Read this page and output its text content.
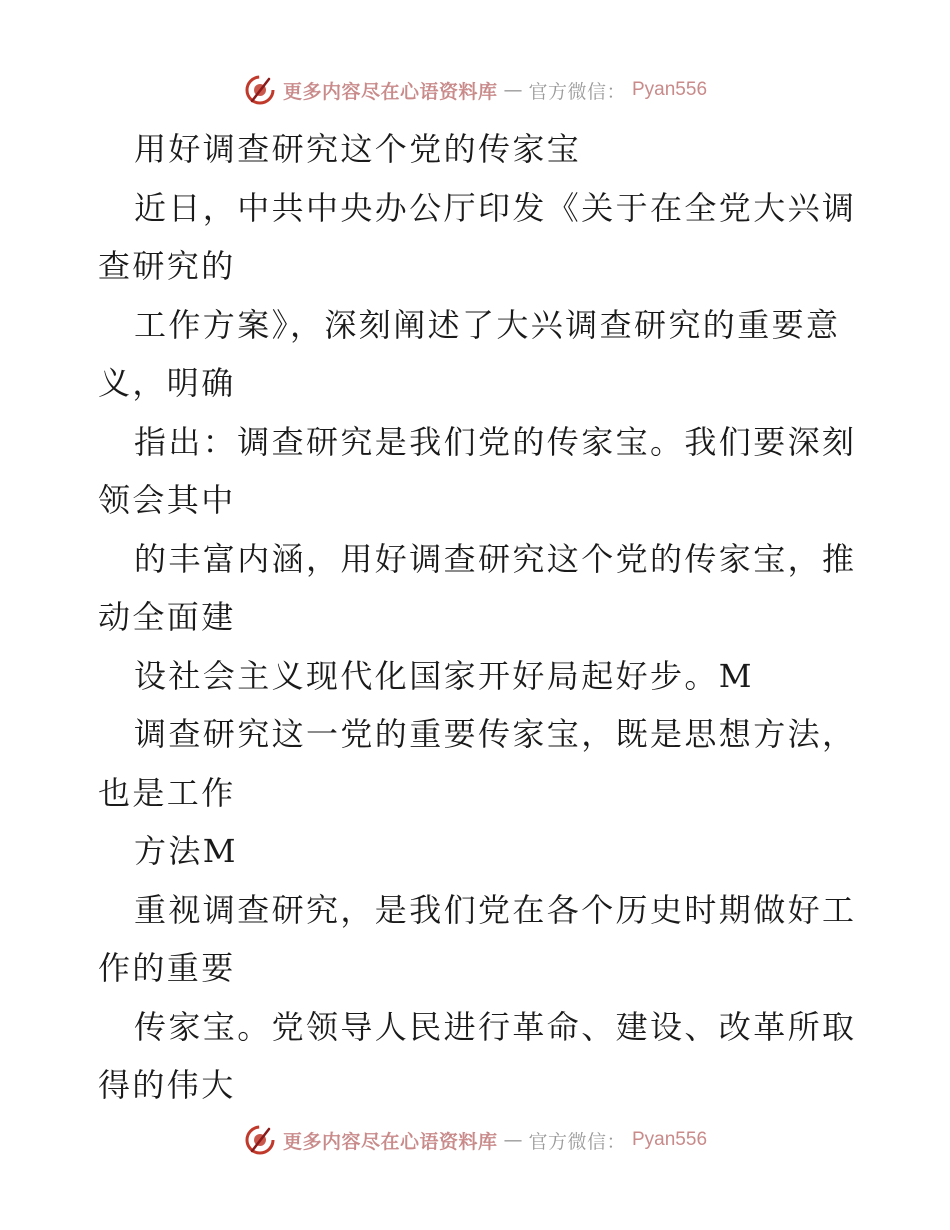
更多内容尽在心语资料库 — 官方微信： Pyan556
用好调查研究这个党的传家宝
近日，中共中央办公厅印发《关于在全党大兴调
查研究的
工作方案》，深刻阐述了大兴调查研究的重要意
义，明确
指出：调查研究是我们党的传家宝。我们要深刻
领会其中
的丰富内涵，用好调查研究这个党的传家宝，推
动全面建
设社会主义现代化国家开好局起好步。M
调查研究这一党的重要传家宝，既是思想方法，
也是工作
方法M
重视调查研究，是我们党在各个历史时期做好工
作的重要
传家宝。党领导人民进行革命、建设、改革所取
得的伟大
更多内容尽在心语资料库 — 官方微信： Pyan556
